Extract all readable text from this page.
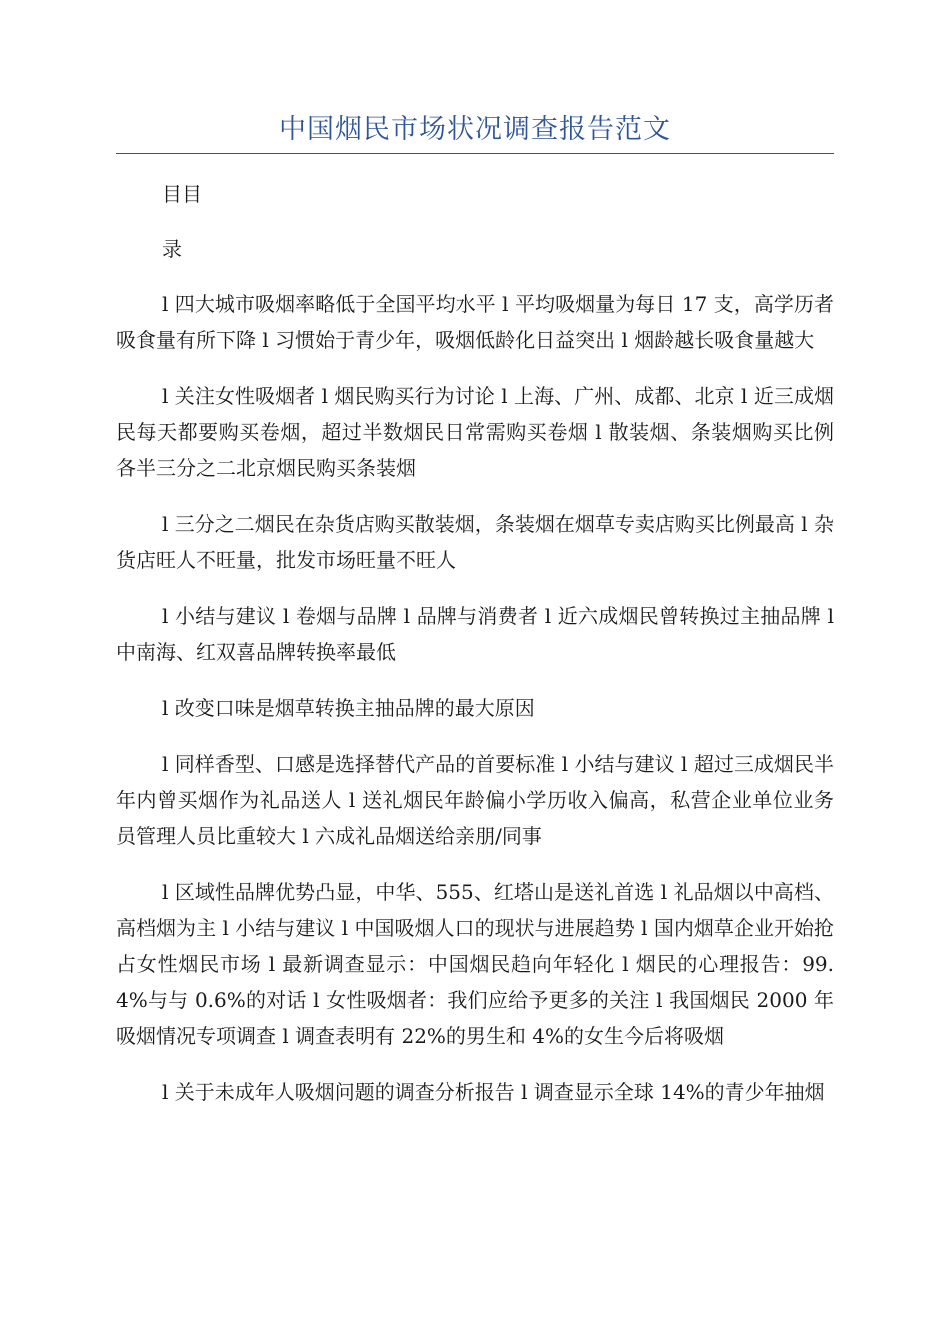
中国烟民市场状况调查报告范文

目目

录

l 四大城市吸烟率略低于全国平均水平 l 平均吸烟量为每日 17 支，高学历者吸食量有所下降 l 习惯始于青少年，吸烟低龄化日益突出 l 烟龄越长吸食量越大

l 关注女性吸烟者 l 烟民购买行为讨论 l 上海、广州、成都、北京 l 近三成烟民每天都要购买卷烟，超过半数烟民日常需购买卷烟 l 散装烟、条装烟购买比例各半三分之二北京烟民购买条装烟

l 三分之二烟民在杂货店购买散装烟，条装烟在烟草专卖店购买比例最高 l 杂货店旺人不旺量，批发市场旺量不旺人

l 小结与建议 l 卷烟与品牌 l 品牌与消费者 l 近六成烟民曾转换过主抽品牌 l 中南海、红双喜品牌转换率最低

l 改变口味是烟草转换主抽品牌的最大原因

l 同样香型、口感是选择替代产品的首要标准 l 小结与建议 l 超过三成烟民半年内曾买烟作为礼品送人 l 送礼烟民年龄偏小学历收入偏高，私营企业单位业务员管理人员比重较大 l 六成礼品烟送给亲朋/同事

l 区域性品牌优势凸显，中华、555、红塔山是送礼首选 l 礼品烟以中高档、高档烟为主 l 小结与建议 l 中国吸烟人口的现状与进展趋势 l 国内烟草企业开始抢占女性烟民市场 l 最新调查显示：中国烟民趋向年轻化 l 烟民的心理报告：99.4%与与 0.6%的对话 l 女性吸烟者：我们应给予更多的关注 l 我国烟民 2000 年吸烟情况专项调查 l 调查表明有 22%的男生和 4%的女生今后将吸烟

l 关于未成年人吸烟问题的调查分析报告 l 调查显示全球 14%的青少年抽烟
